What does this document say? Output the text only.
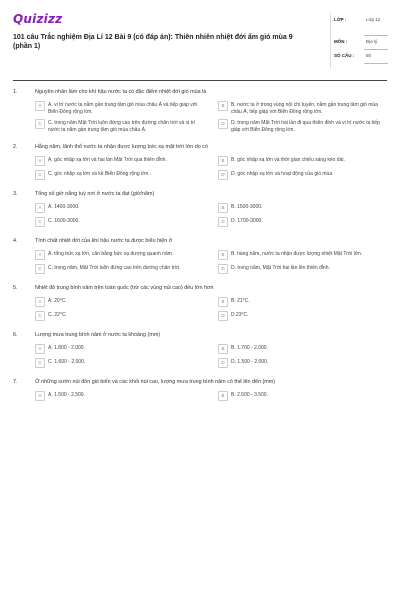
Quizizz
101 câu Trắc nghiệm Địa Lí 12 Bài 9 (có đáp án): Thiên nhiên nhiệt đới ẩm gió mùa 9 (phần 1)
LỚP :	Lớp 12
MÔN :	Địa lý
SỐ CÂU :	50
1.	Nguyên nhân làm cho khí hậu nước ta có đặc điểm nhiệt đới gió mùa là
A	A. vị trí nước ta nằm gần trung tâm gió mùa châu Á và tiếp giáp với Biển Đông rộng lớn.
B	B. nước ta ở trong vùng nội chí tuyến, nằm gần trung tâm gió mùa châu Á, tiếp giáp với Biển Đông rộng lớn.
C	C. trong năm Mặt Trời luôn đứng cao trên đường chân trời và vị trí nước ta nằm gần trung tâm gió mùa châu Á.
D	D. trong năm Mặt Trời hai lần đi qua thiên đỉnh và vị trí nước ta tiếp giáp với Biển Đông rộng lớn.
2.	Hằng năm, lãnh thổ nước ta nhận được lượng bức xạ mặt trời lớn do có
A	A. góc nhập xạ lớn và hai lần Mặt Trời qua thiên đỉnh.	B	B. góc nhập xạ lớn và thời gian chiếu sáng kéo dài.
C	C. góc nhập xạ lớn và kề Biển Đông rộng lớn.	D	D. góc nhập xạ lớn và hoạt động của gió mùa
3.	Tổng số giờ nắng tuỳ nơi ở nước ta đạt (giờ/năm)
A	A. 1400-3000.	B	B. 1500-3000.
C	C. 1600-3000.	D	D. 1700-3000.
4.	Tính chất nhiệt đới của khí hậu nước ta được biểu hiện ở
A	A. tổng bức xạ lớn, cân bằng bức xạ dương quanh năm.	B	B. hàng năm, nước ta nhận được lượng nhiệt Mặt Trời lớn.
C	C. trong năm, Mặt Trời luôn đứng cao trên đường chân trời.	D	D. trong năm, Mặt Trời hai lần lên thiên đỉnh.
5.	Nhiệt độ trung bình năm trên toàn quốc (trừ các vùng núi cao) đều lớn hơn
A	A. 20°C.	B	B. 21°C.
C	C. 22°C.	D	D.23°C.
6.	Lượng mưa trung bình năm ở nước ta khoảng (mm)
A	A. 1.800 - 2.000.	B	B. 1.700 - 2.000.
C	C. 1.600 - 2.000.	D	D. 1.500 - 2.000.
7.	Ở những sườn núi đón gió biển và các khối núi cao, lượng mưa trung bình năm có thể lên đến (mm)
A	A. 1.500 - 2.500.	B	B. 2.500 - 3.500.
